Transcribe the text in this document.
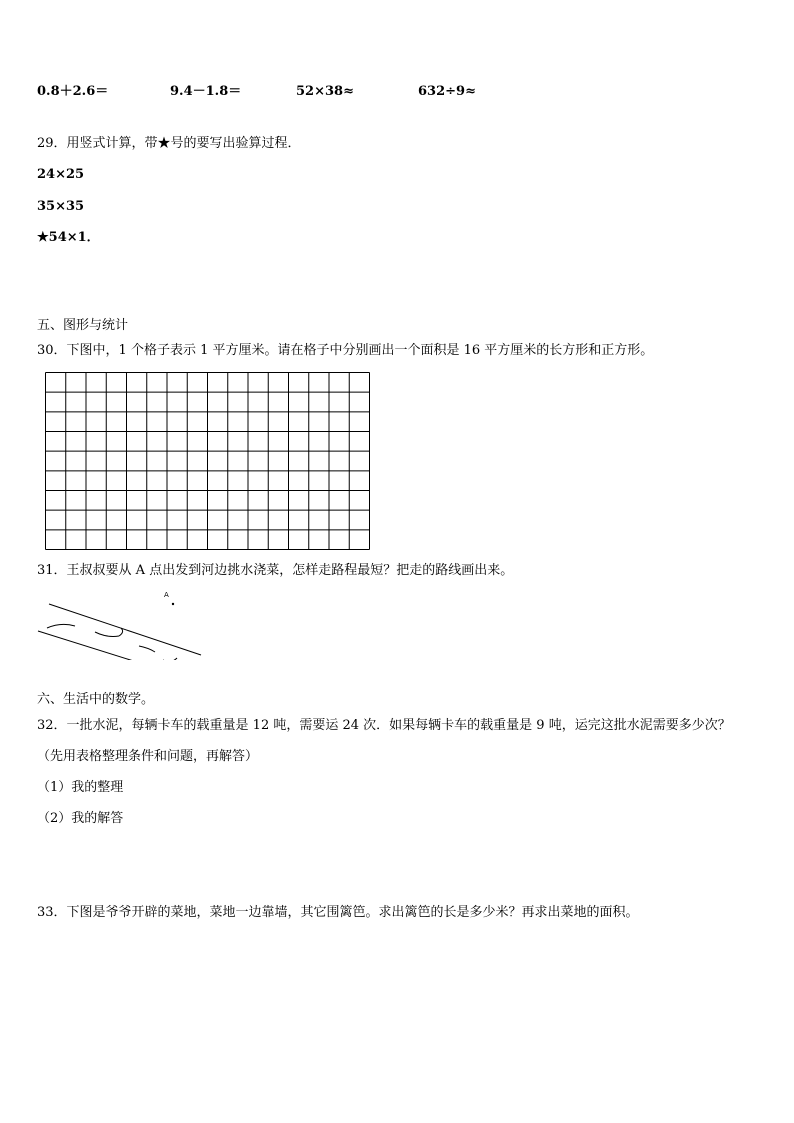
0.8＋2.6＝	9.4－1.8＝	52×38≈	632÷9≈
29．用竖式计算，带★号的要写出验算过程．
24×25
35×35
★54×1．
五、图形与统计
30．下图中，1 个格子表示 1 平方厘米。请在格子中分别画出一个面积是 16 平方厘米的长方形和正方形。
31．王叔叔要从 A 点出发到河边挑水浇菜，怎样走路程最短？把走的路线画出来。
A
六、生活中的数学。
32．一批水泥，每辆卡车的载重量是 12 吨，需要运 24 次．如果每辆卡车的载重量是 9 吨，运完这批水泥需要多少次？
（先用表格整理条件和问题，再解答）
（1）我的整理
（2）我的解答
33．下图是爷爷开辟的菜地，菜地一边靠墙，其它围篱笆。求出篱笆的长是多少米？再求出菜地的面积。
